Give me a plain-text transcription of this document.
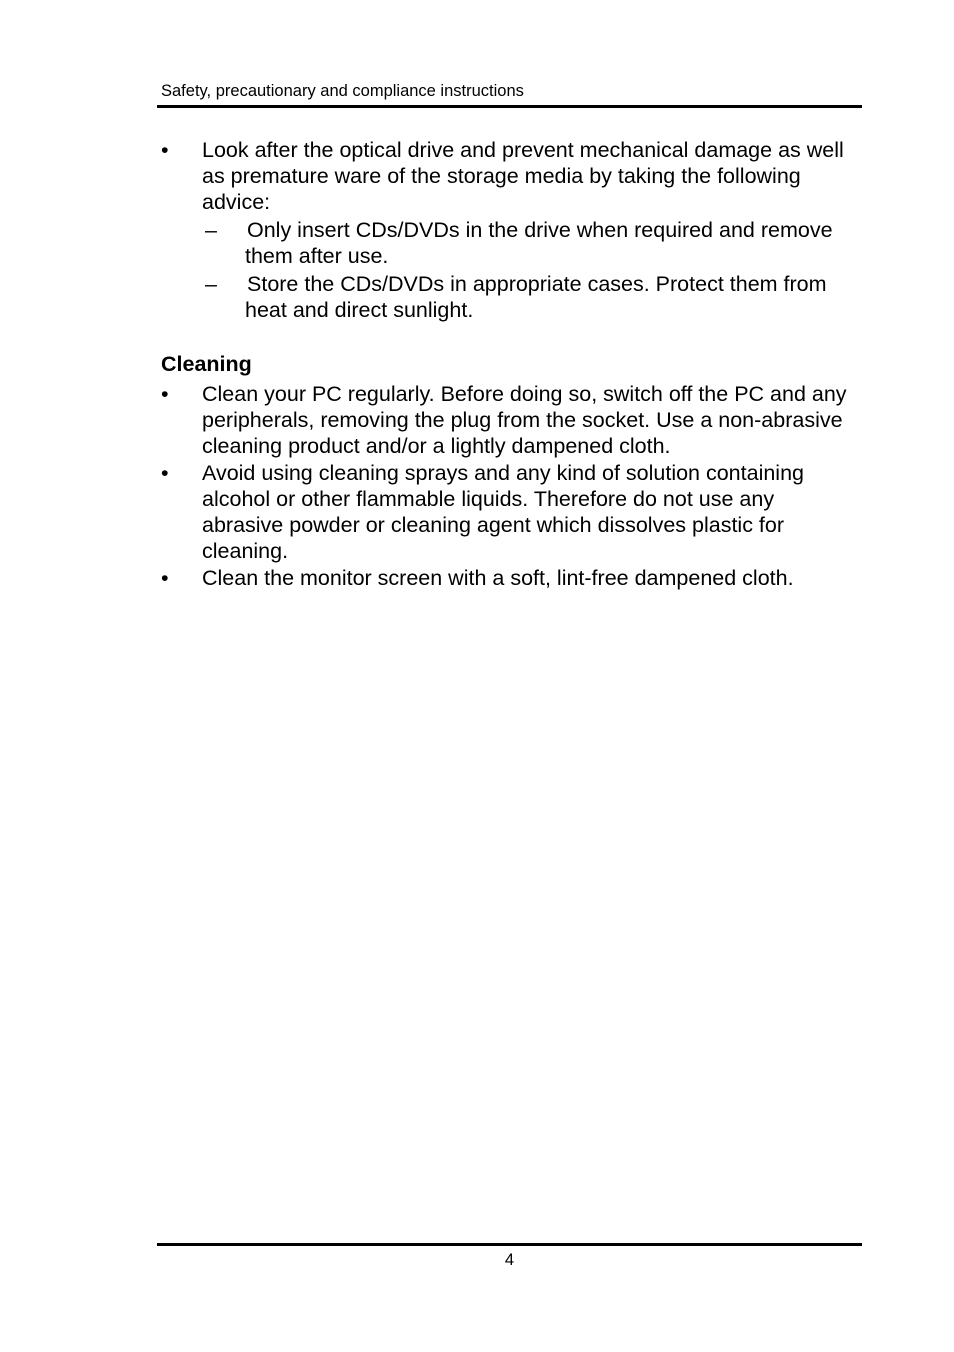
Safety, precautionary and compliance instructions
•	Look after the optical drive and prevent mechanical damage as well as premature ware of the storage media by taking the following advice:
–	Only insert CDs/DVDs in the drive when required and remove them after use.
–	Store the CDs/DVDs in appropriate cases. Protect them from heat and direct sunlight.
Cleaning
•	Clean your PC regularly. Before doing so, switch off the PC and any peripherals, removing the plug from the socket. Use a non-abrasive cleaning product and/or a lightly dampened cloth.
•	Avoid using cleaning sprays and any kind of solution containing alcohol or other flammable liquids. Therefore do not use any abrasive powder or cleaning agent which dissolves plastic for cleaning.
•	Clean the monitor screen with a soft, lint-free dampened cloth.
4
